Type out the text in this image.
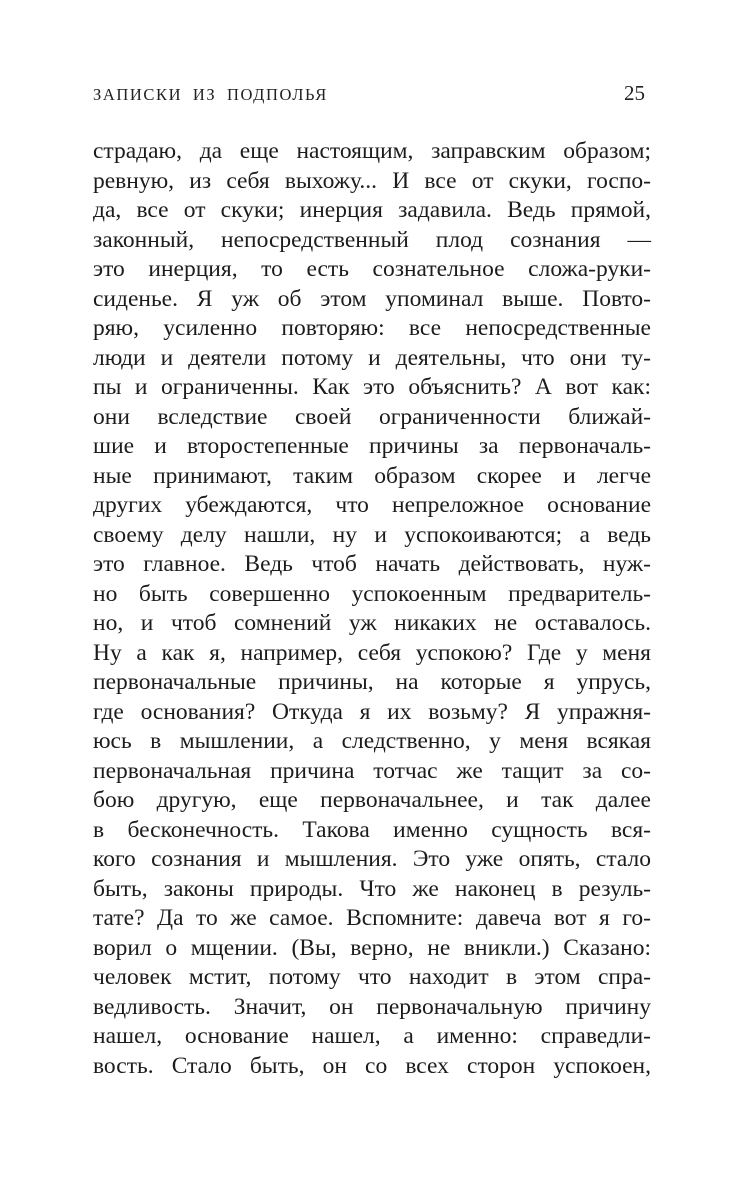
ЗАПИСКИ ИЗ ПОДПОЛЬЯ	25
страдаю, да еще настоящим, заправским образом;
ревную, из себя выхожу... И все от скуки, госпо-
да, все от скуки; инерция задавила. Ведь прямой,
законный, непосредственный плод сознания —
это инерция, то есть сознательное сложа-руки-
сиденье. Я уж об этом упоминал выше. Повто-
ряю, усиленно повторяю: все непосредственные
люди и деятели потому и деятельны, что они ту-
пы и ограниченны. Как это объяснить? А вот как:
они вследствие своей ограниченности ближай-
шие и второстепенные причины за первоначаль-
ные принимают, таким образом скорее и легче
других убеждаются, что непреложное основание
своему делу нашли, ну и успокоиваются; а ведь
это главное. Ведь чтоб начать действовать, нуж-
но быть совершенно успокоенным предваритель-
но, и чтоб сомнений уж никаких не оставалось.
Ну а как я, например, себя успокою? Где у меня
первоначальные причины, на которые я упрусь,
где основания? Откуда я их возьму? Я упражня-
юсь в мышлении, а следственно, у меня всякая
первоначальная причина тотчас же тащит за со-
бою другую, еще первоначальнее, и так далее
в бесконечность. Такова именно сущность вся-
кого сознания и мышления. Это уже опять, стало
быть, законы природы. Что же наконец в резуль-
тате? Да то же самое. Вспомните: давеча вот я го-
ворил о мщении. (Вы, верно, не вникли.) Сказано:
человек мстит, потому что находит в этом спра-
ведливость. Значит, он первоначальную причину
нашел, основание нашел, а именно: справедли-
вость. Стало быть, он со всех сторон успокоен,
